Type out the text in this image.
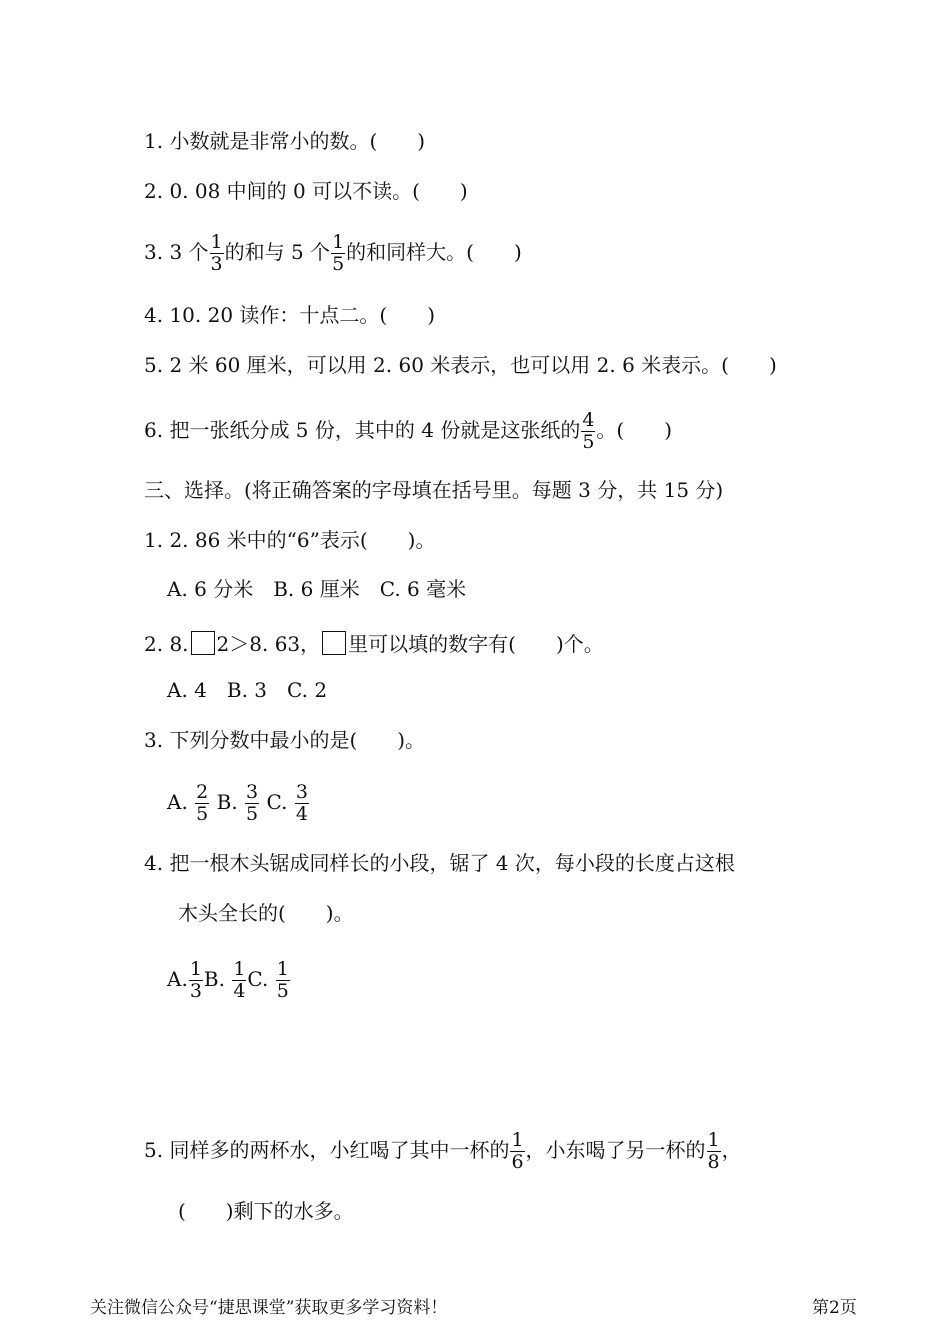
1. 小数就是非常小的数。(　　)
2. 0. 08 中间的 0 可以不读。(　　)
3. 3 个 $\frac{1}{3}$ 的和与 5 个 $\frac{1}{5}$ 的和同样大。(　　)
4. 10. 20 读作：十点二。(　　)
5. 2 米 60 厘米，可以用 2. 60 米表示，也可以用 2. 6 米表示。(　　)
6. 把一张纸分成 5 份，其中的 4 份就是这张纸的 $\frac{4}{5}$ 。(　　)
三、选择。(将正确答案的字母填在括号里。每题 3 分，共 15 分)
1. 2. 86 米中的“6”表示(　　)。
A. 6 分米　B. 6 厘米　C. 6 毫米
2. 8. 2＞8. 63， 里可以填的数字有(　　)个。
A. 4　B. 3　C. 2
3. 下列分数中最小的是(　　)。
A. $\frac{2}{5} B$. $\frac{3}{5} C$. $\frac{3}{4}$
4. 把一根木头锯成同样长的小段，锯了 4 次，每小段的长度占这根
木头全长的(　　)。
A. $\frac{1}{3} B$. $\frac{1}{4} C$. $\frac{1}{5}$
5. 同样多的两杯水，小红喝了其中一杯的 $\frac{1}{6}$ ，小东喝了另一杯的 $\frac{1}{8}$ ，
(　　)剩下的水多。
关注微信公众号“捷思课堂”获取更多学习资料！	第2页
